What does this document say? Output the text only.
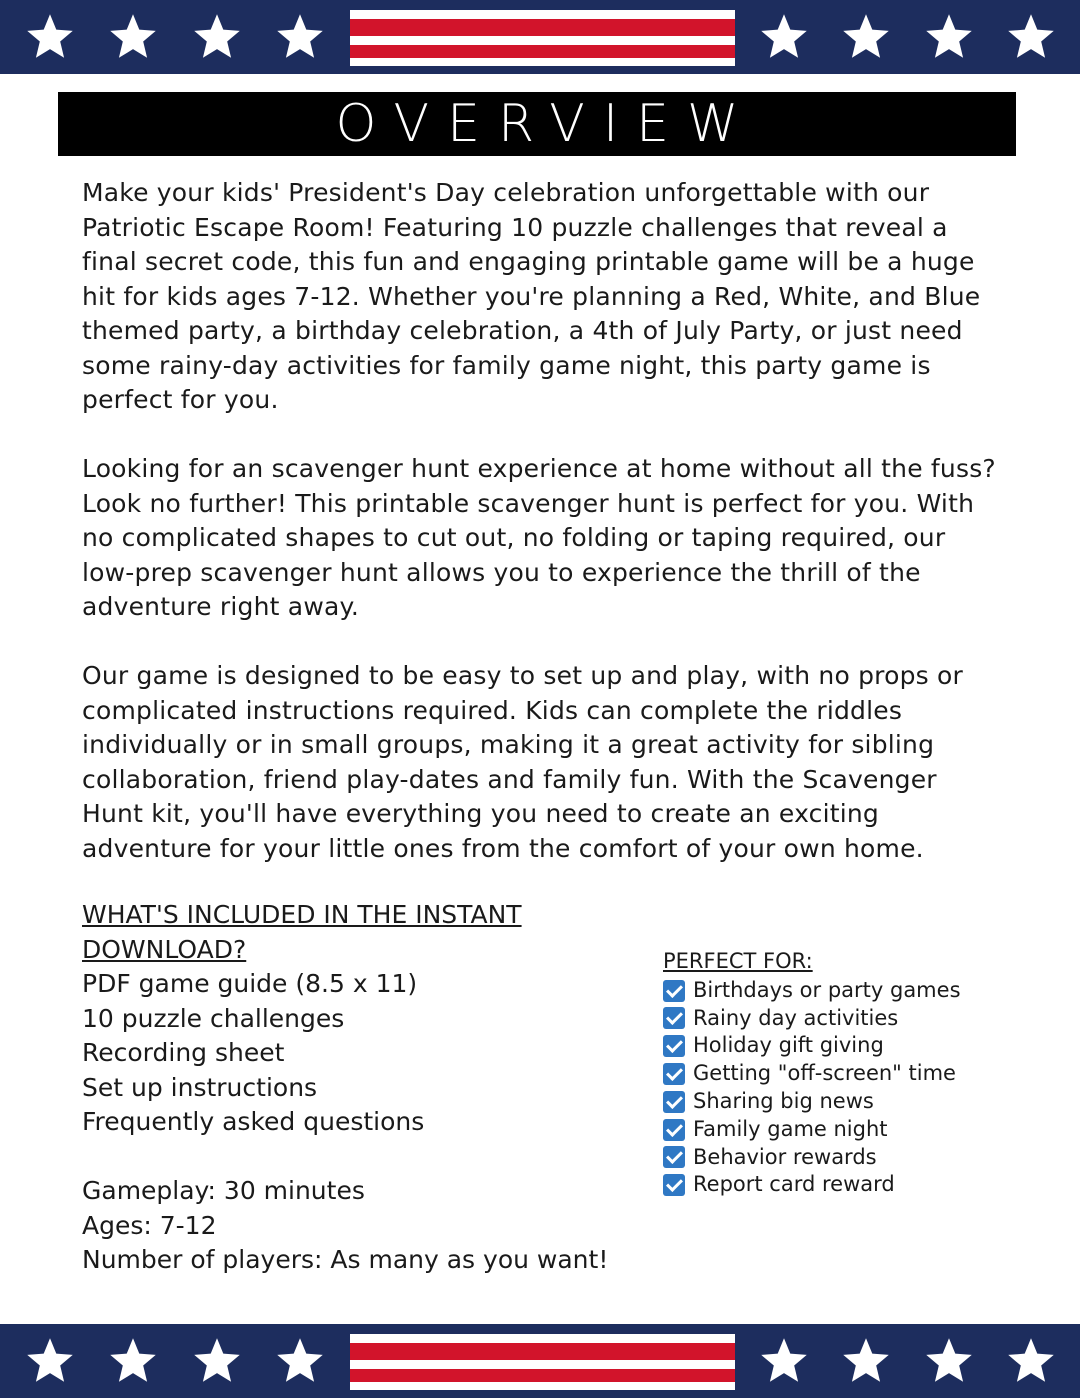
OVERVIEW

Make your kids' President's Day celebration unforgettable with our Patriotic Escape Room! Featuring 10 puzzle challenges that reveal a final secret code, this fun and engaging printable game will be a huge hit for kids ages 7-12. Whether you're planning a Red, White, and Blue themed party, a birthday celebration, a 4th of July Party, or just need some rainy-day activities for family game night, this party game is perfect for you.

Looking for an scavenger hunt experience at home without all the fuss? Look no further! This printable scavenger hunt is perfect for you. With no complicated shapes to cut out, no folding or taping required, our low-prep scavenger hunt allows you to experience the thrill of the adventure right away.

Our game is designed to be easy to set up and play, with no props or complicated instructions required. Kids can complete the riddles individually or in small groups, making it a great activity for sibling collaboration, friend play-dates and family fun. With the Scavenger Hunt kit, you'll have everything you need to create an exciting adventure for your little ones from the comfort of your own home.

WHAT'S INCLUDED IN THE INSTANT DOWNLOAD?
PDF game guide (8.5 x 11)
10 puzzle challenges
Recording sheet
Set up instructions
Frequently asked questions
Gameplay: 30 minutes
Ages: 7-12
Number of players: As many as you want!
PERFECT FOR:
Birthdays or party games
Rainy day activities
Holiday gift giving
Getting "off-screen" time
Sharing big news
Family game night
Behavior rewards
Report card reward
